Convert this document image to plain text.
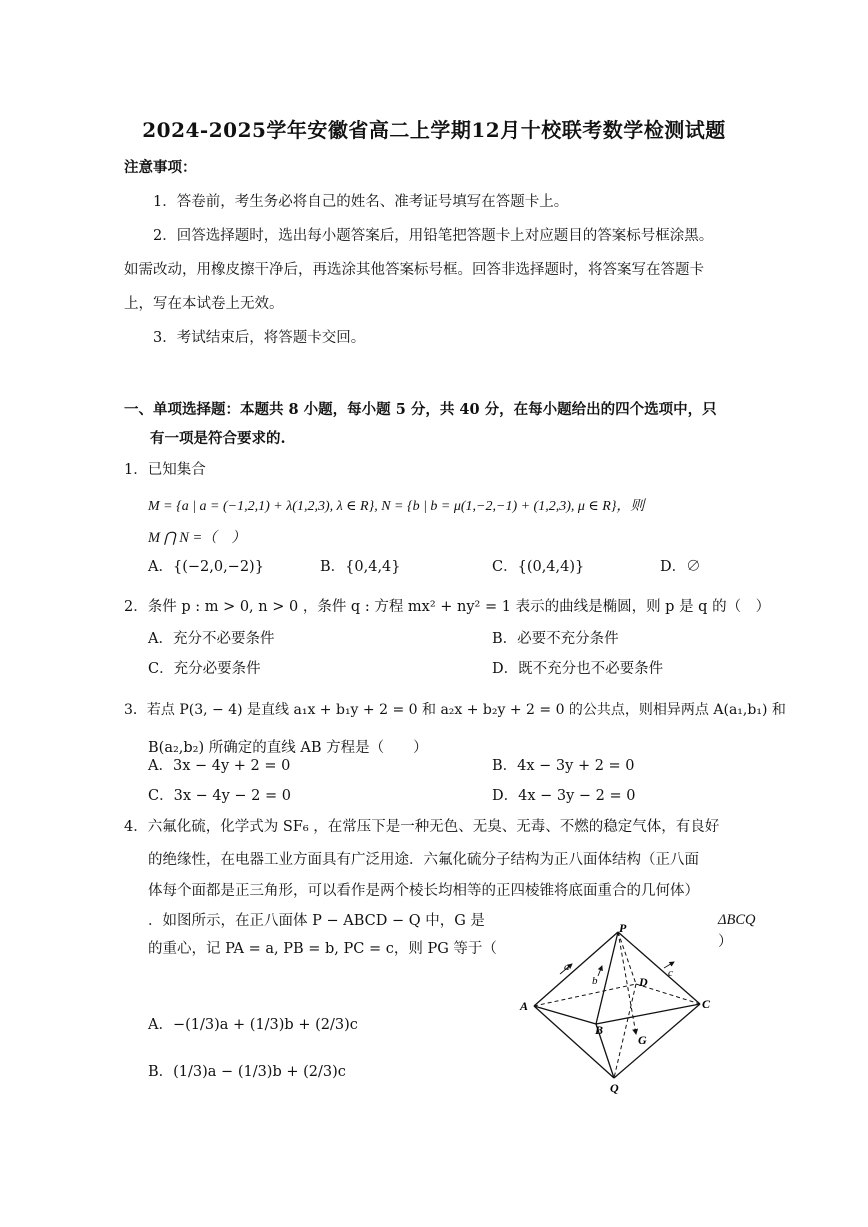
2024-2025学年安徽省高二上学期12月十校联考数学检测试题
注意事项：
1．答卷前，考生务必将自己的姓名、准考证号填写在答题卡上。
2．回答选择题时，选出每小题答案后，用铅笔把答题卡上对应题目的答案标号框涂黑。
如需改动，用橡皮擦干净后，再选涂其他答案标号框。回答非选择题时，将答案写在答题卡
上，写在本试卷上无效。
3．考试结束后，将答题卡交回。
一、单项选择题：本题共 8 小题，每小题 5 分，共 40 分，在每小题给出的四个选项中，只
有一项是符合要求的.
1．已知集合
M = {a | a = (−1,2,1) + λ(1,2,3), λ ∈ R}, N = {b | b = μ(1,−2,−1) + (1,2,3), μ ∈ R}，则
M ⋂ N =（　）
A．{(−2,0,−2)}	B．{0,4,4}	C．{(0,4,4)}	D．∅
2．条件 p : m > 0, n > 0 ，条件 q : 方程 mx² + ny² = 1 表示的曲线是椭圆，则 p 是 q 的（　）
A．充分不必要条件	B．必要不充分条件
C．充分必要条件	D．既不充分也不必要条件
3．若点 P(3, − 4) 是直线 a₁x + b₁y + 2 = 0 和 a₂x + b₂y + 2 = 0 的公共点，则相异两点 A(a₁,b₁) 和
B(a₂,b₂) 所确定的直线 AB 方程是（　　）
A．3x − 4y + 2 = 0	B．4x − 3y + 2 = 0
C．3x − 4y − 2 = 0	D．4x − 3y − 2 = 0
4．六氟化硫，化学式为 SF₆ ，在常压下是一种无色、无臭、无毒、不燃的稳定气体，有良好
的绝缘性，在电器工业方面具有广泛用途．六氟化硫分子结构为正八面体结构（正八面
体每个面都是正三角形，可以看作是两个棱长均相等的正四棱锥将底面重合的几何体）
．如图所示，在正八面体 P − ABCD − Q 中，G 是
的重心，记 PA = a, PB = b, PC = c，则 PG 等于（
ΔBCQ
）
A．−(1/3)a + (1/3)b + (2/3)c
B．(1/3)a − (1/3)b + (2/3)c
P
A
B
C
D
Q
G
a
b
c
